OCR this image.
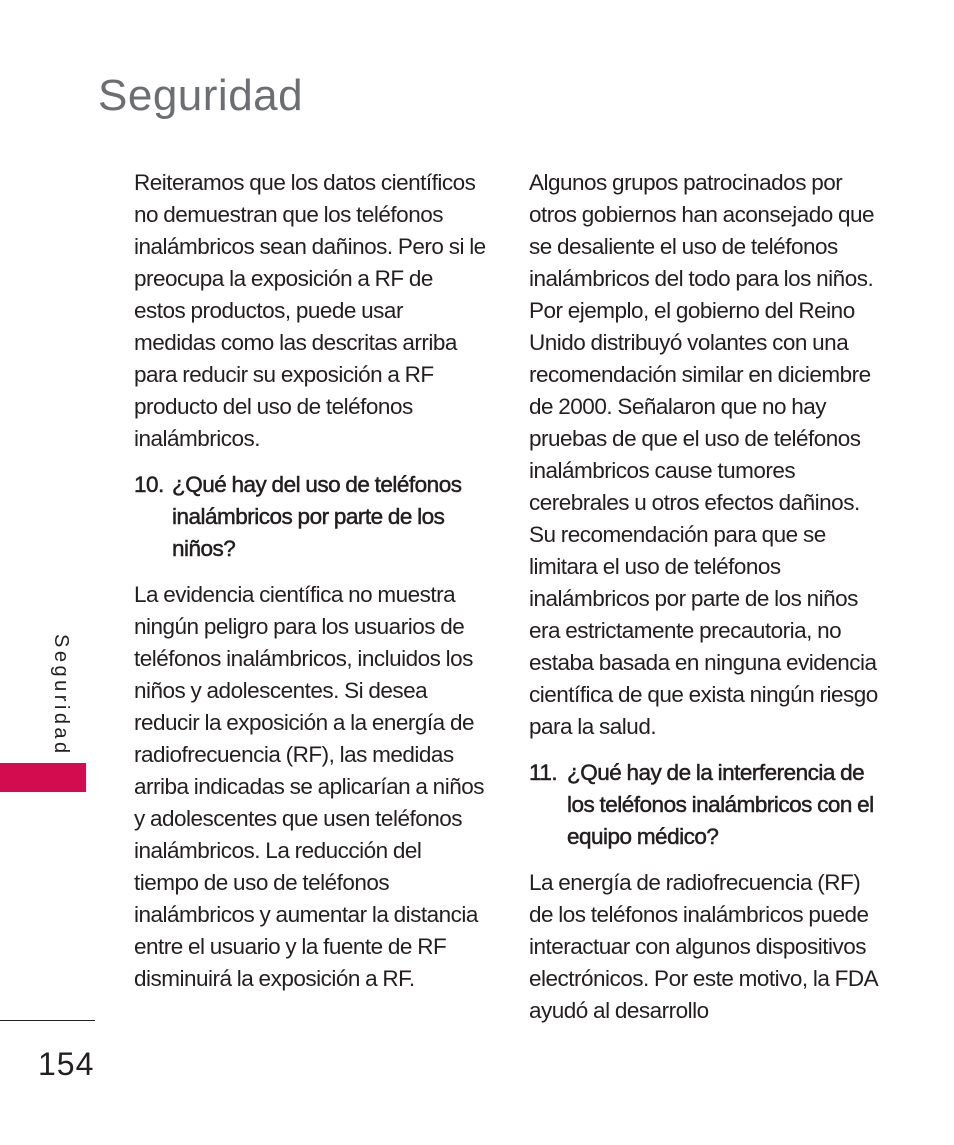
Seguridad
Seguridad
154

Reiteramos que los datos científicos no demuestran que los teléfonos inalámbricos sean dañinos. Pero si le preocupa la exposición a RF de estos productos, puede usar medidas como las descritas arriba para reducir su exposición a RF producto del uso de teléfonos inalámbricos.

10. ¿Qué hay del uso de teléfonos inalámbricos por parte de los niños?

La evidencia científica no muestra ningún peligro para los usuarios de teléfonos inalámbricos, incluidos los niños y adolescentes. Si desea reducir la exposición a la energía de radiofrecuencia (RF), las medidas arriba indicadas se aplicarían a niños y adolescentes que usen teléfonos inalámbricos. La reducción del tiempo de uso de teléfonos inalámbricos y aumentar la distancia entre el usuario y la fuente de RF disminuirá la exposición a RF.

Algunos grupos patrocinados por otros gobiernos han aconsejado que se desaliente el uso de teléfonos inalámbricos del todo para los niños. Por ejemplo, el gobierno del Reino Unido distribuyó volantes con una recomendación similar en diciembre de 2000. Señalaron que no hay pruebas de que el uso de teléfonos inalámbricos cause tumores cerebrales u otros efectos dañinos. Su recomendación para que se limitara el uso de teléfonos inalámbricos por parte de los niños era estrictamente precautoria, no estaba basada en ninguna evidencia científica de que exista ningún riesgo para la salud.

11. ¿Qué hay de la interferencia de los teléfonos inalámbricos con el equipo médico?

La energía de radiofrecuencia (RF) de los teléfonos inalámbricos puede interactuar con algunos dispositivos electrónicos. Por este motivo, la FDA ayudó al desarrollo
